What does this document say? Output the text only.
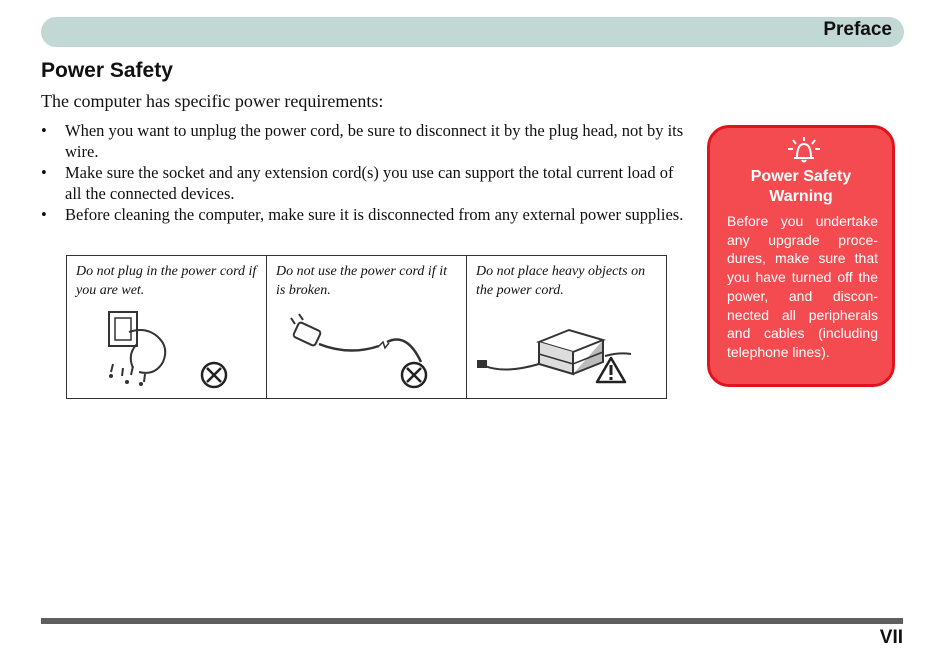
Preface
Power Safety
The computer has specific power requirements:
• When you want to unplug the power cord, be sure to disconnect it by the plug head, not by its wire.
• Make sure the socket and any extension cord(s) you use can support the total current load of all the connected devices.
• Before cleaning the computer, make sure it is disconnected from any external power supplies.
Do not plug in the power cord if you are wet.

Do not use the power cord if it is broken.

Do not place heavy objects on the power cord.
Power Safety
Warning
Before you undertake any upgrade proce-dures, make sure that you have turned off the power, and discon-nected all peripherals and cables (including telephone lines).
VII
